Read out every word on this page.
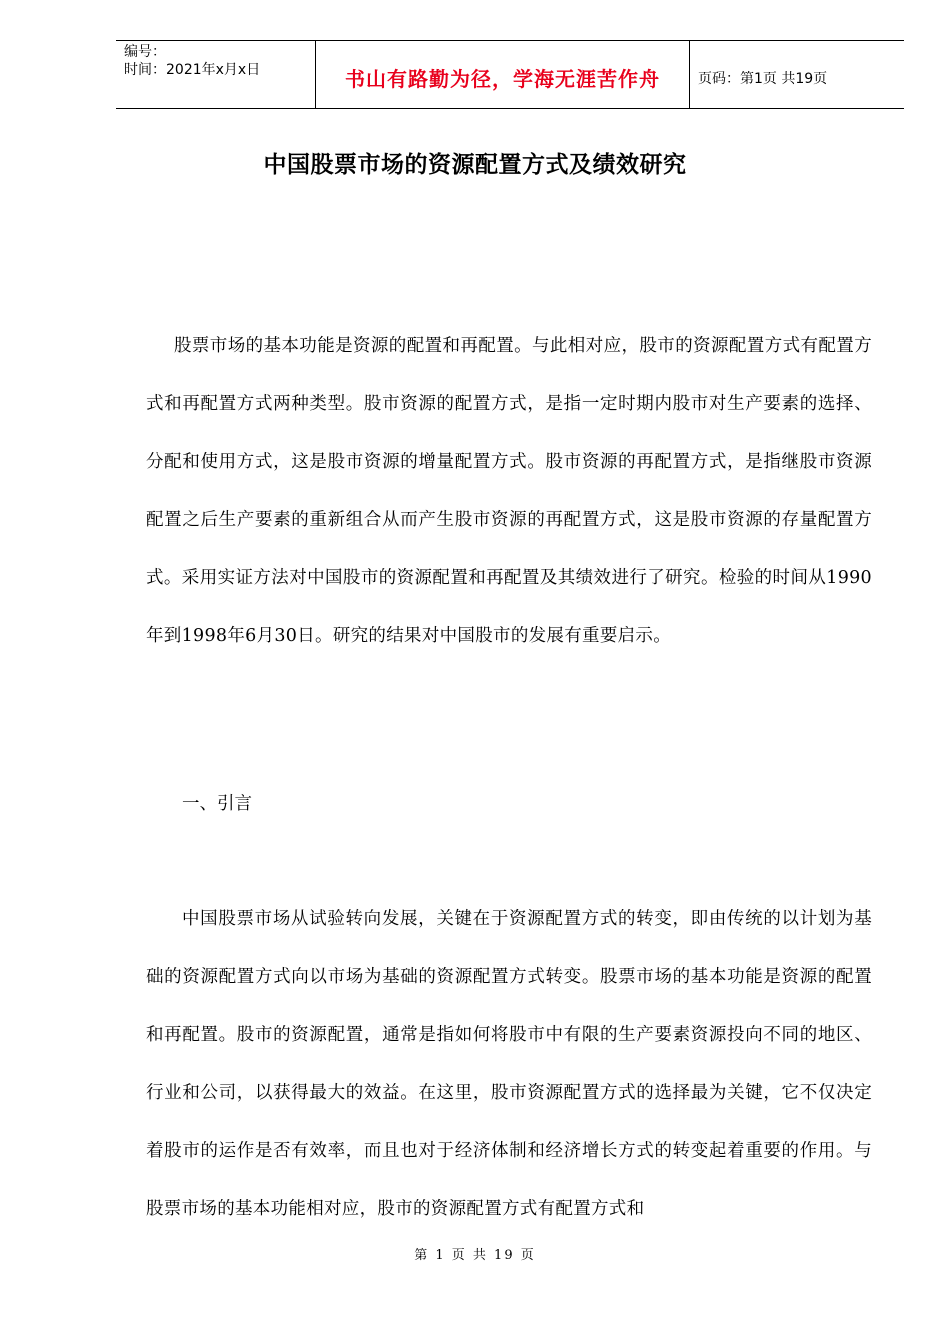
编号：
时间：2021年x月x日	书山有路勤为径，学海无涯苦作舟	页码：第1页 共19页
中国股票市场的资源配置方式及绩效研究

股票市场的基本功能是资源的配置和再配置。与此相对应，股市的资源配置方式有配置方式和再配置方式两种类型。股市资源的配置方式，是指一定时期内股市对生产要素的选择、分配和使用方式，这是股市资源的增量配置方式。股市资源的再配置方式，是指继股市资源配置之后生产要素的重新组合从而产生股市资源的再配置方式，这是股市资源的存量配置方式。采用实证方法对中国股市的资源配置和再配置及其绩效进行了研究。检验的时间从1990年到1998年6月30日。研究的结果对中国股市的发展有重要启示。

一、引言

中国股票市场从试验转向发展，关键在于资源配置方式的转变，即由传统的以计划为基础的资源配置方式向以市场为基础的资源配置方式转变。股票市场的基本功能是资源的配置和再配置。股市的资源配置，通常是指如何将股市中有限的生产要素资源投向不同的地区、行业和公司，以获得最大的效益。在这里，股市资源配置方式的选择最为关键，它不仅决定着股市的运作是否有效率，而且也对于经济体制和经济增长方式的转变起着重要的作用。与股票市场的基本功能相对应，股市的资源配置方式有配置方式和

第 1 页 共 19 页
